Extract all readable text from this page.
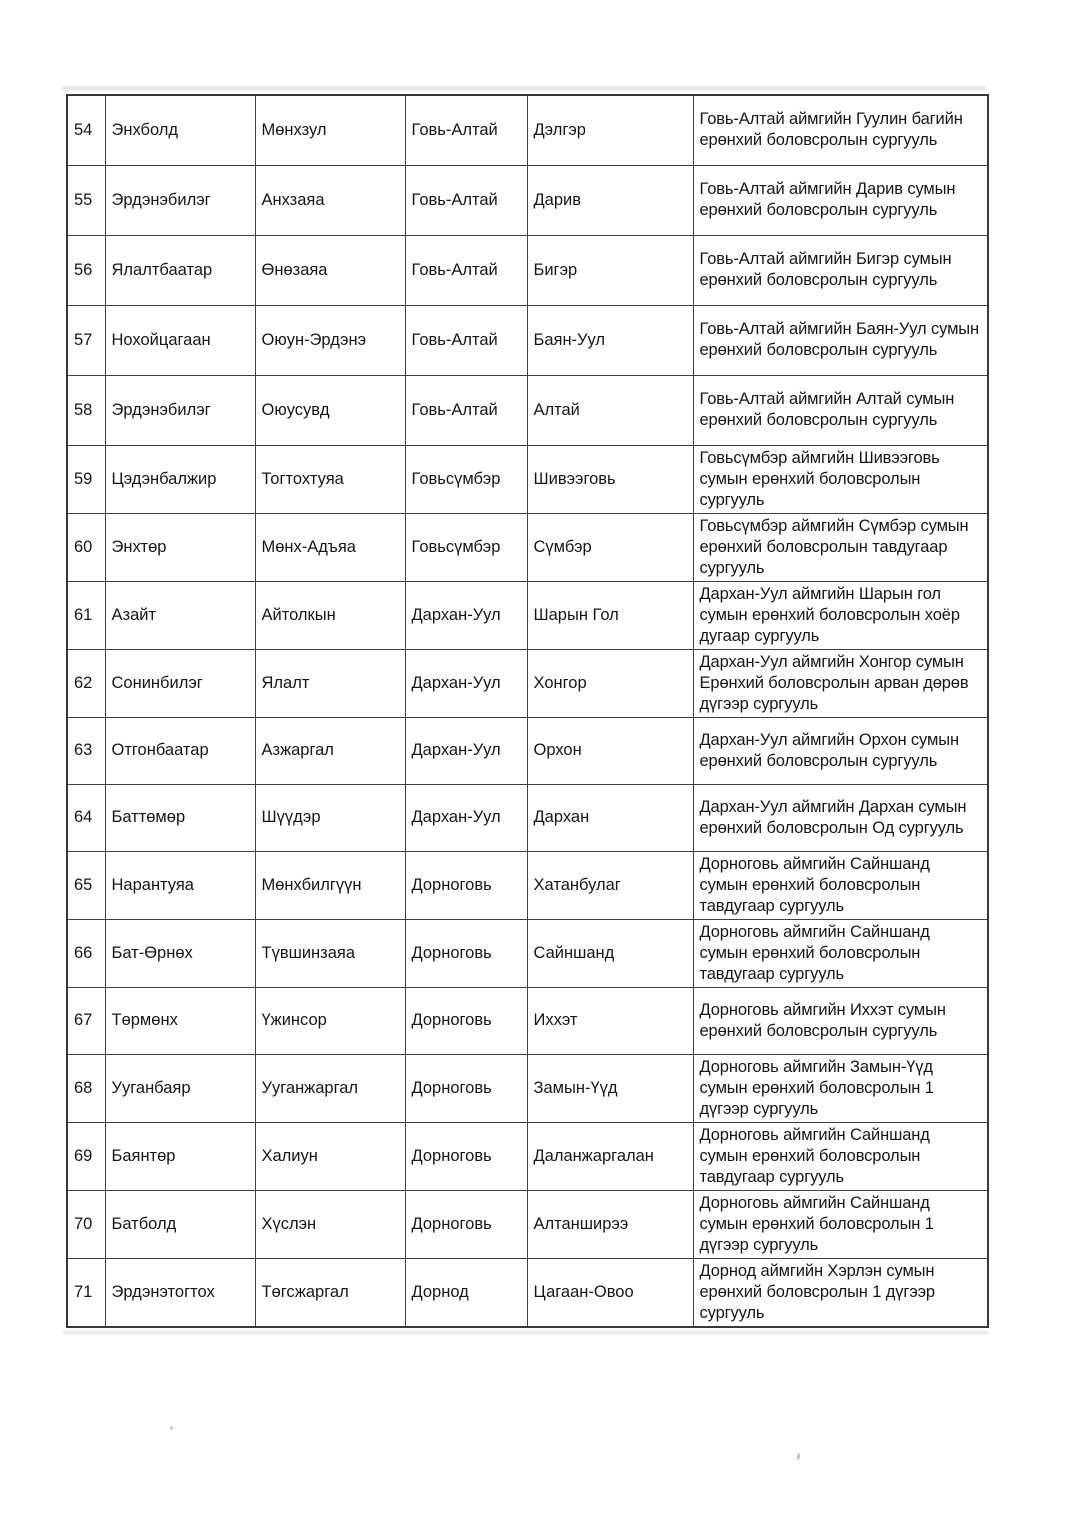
54	Энхболд	Мөнхзул	Говь-Алтай	Дэлгэр	Говь-Алтай аймгийн Гуулин багийн ерөнхий боловсролын сургууль
55	Эрдэнэбилэг	Анхзаяа	Говь-Алтай	Дарив	Говь-Алтай аймгийн Дарив сумын ерөнхий боловсролын сургууль
56	Ялалтбаатар	Өнөзаяа	Говь-Алтай	Бигэр	Говь-Алтай аймгийн Бигэр сумын ерөнхий боловсролын сургууль
57	Нохойцагаан	Оюун-Эрдэнэ	Говь-Алтай	Баян-Уул	Говь-Алтай аймгийн Баян-Уул сумын ерөнхий боловсролын сургууль
58	Эрдэнэбилэг	Оюусувд	Говь-Алтай	Алтай	Говь-Алтай аймгийн Алтай сумын ерөнхий боловсролын сургууль
59	Цэдэнбалжир	Тогтохтуяа	Говьсүмбэр	Шивээговь	Говьсүмбэр аймгийн Шивээговь сумын ерөнхий боловсролын сургууль
60	Энхтөр	Мөнх-Адъяа	Говьсүмбэр	Сүмбэр	Говьсүмбэр аймгийн Сүмбэр сумын ерөнхий боловсролын тавдугаар сургууль
61	Азайт	Айтолкын	Дархан-Уул	Шарын Гол	Дархан-Уул аймгийн Шарын гол сумын ерөнхий боловсролын хоёр дугаар сургууль
62	Сонинбилэг	Ялалт	Дархан-Уул	Хонгор	Дархан-Уул аймгийн Хонгор сумын Ерөнхий боловсролын арван дөрөв дүгээр сургууль
63	Отгонбаатар	Азжаргал	Дархан-Уул	Орхон	Дархан-Уул аймгийн Орхон сумын ерөнхий боловсролын сургууль
64	Баттөмөр	Шүүдэр	Дархан-Уул	Дархан	Дархан-Уул аймгийн Дархан сумын ерөнхий боловсролын Од сургууль
65	Нарантуяа	Мөнхбилгүүн	Дорноговь	Хатанбулаг	Дорноговь аймгийн Сайншанд сумын ерөнхий боловсролын тавдугаар сургууль
66	Бат-Өрнөх	Түвшинзаяа	Дорноговь	Сайншанд	Дорноговь аймгийн Сайншанд сумын ерөнхий боловсролын тавдугаар сургууль
67	Төрмөнх	Үжинсор	Дорноговь	Иххэт	Дорноговь аймгийн Иххэт сумын ерөнхий боловсролын сургууль
68	Ууганбаяр	Ууганжаргал	Дорноговь	Замын-Үүд	Дорноговь аймгийн Замын-Үүд сумын ерөнхий боловсролын 1 дүгээр сургууль
69	Баянтөр	Халиун	Дорноговь	Даланжаргалан	Дорноговь аймгийн Сайншанд сумын ерөнхий боловсролын тавдугаар сургууль
70	Батболд	Хүслэн	Дорноговь	Алтанширээ	Дорноговь аймгийн Сайншанд сумын ерөнхий боловсролын 1 дүгээр сургууль
71	Эрдэнэтогтох	Төгсжаргал	Дорнод	Цагаан-Овоо	Дорнод аймгийн Хэрлэн сумын ерөнхий боловсролын 1 дүгээр сургууль
